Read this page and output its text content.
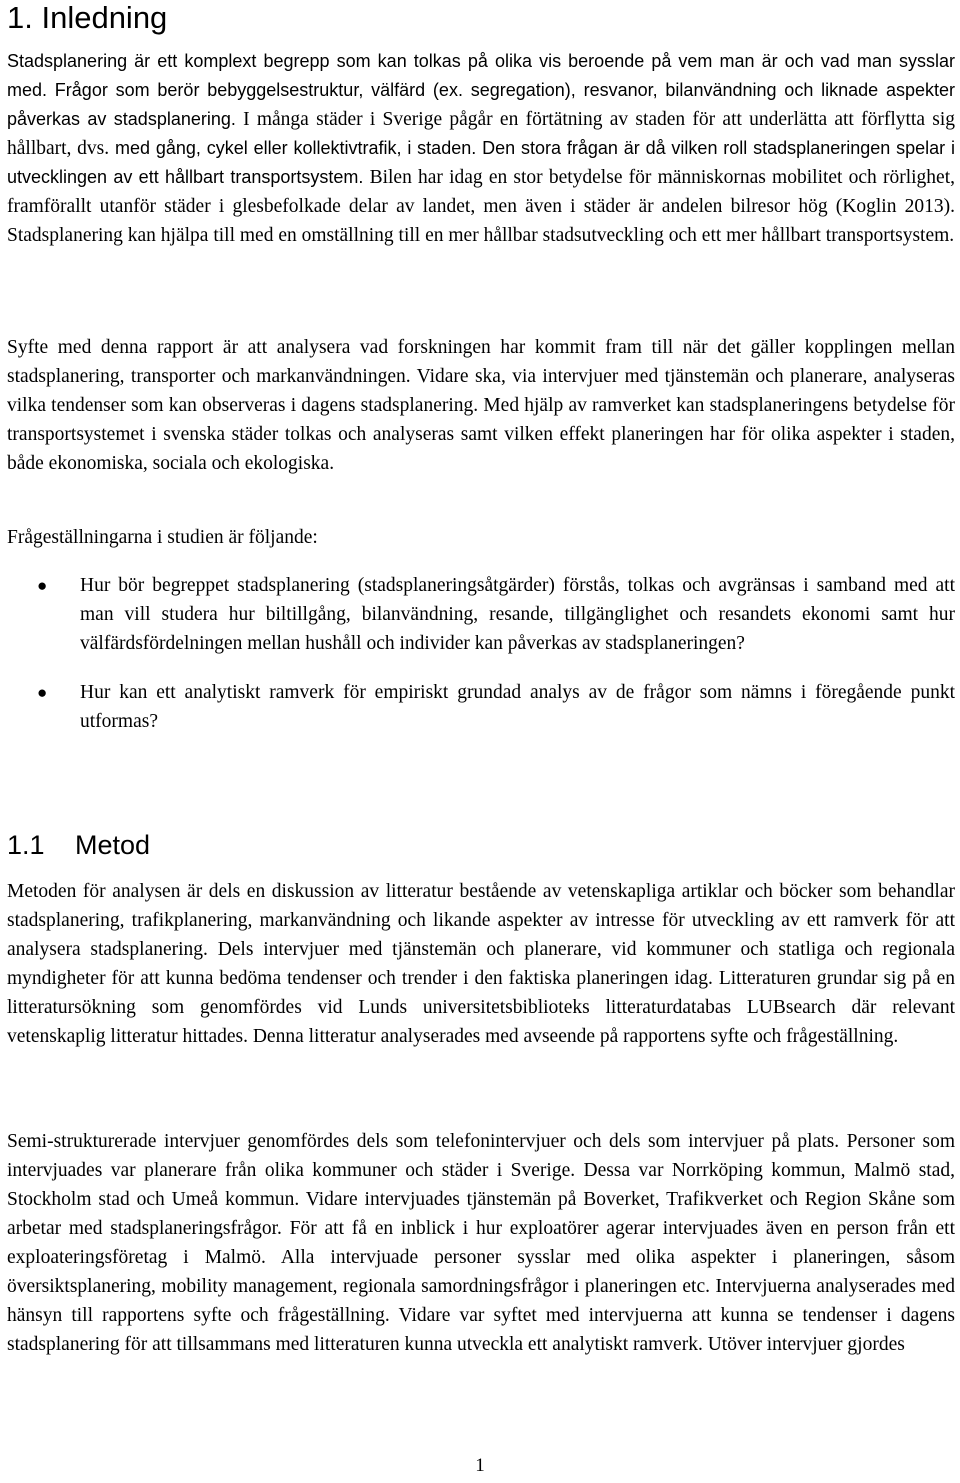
1. Inledning

Stadsplanering är ett komplext begrepp som kan tolkas på olika vis beroende på vem man är och vad man sysslar med. Frågor som berör bebyggelsestruktur, välfärd (ex. segregation), resvanor, bilanvändning och liknade aspekter påverkas av stadsplanering. I många städer i Sverige pågår en förtätning av staden för att underlätta att förflytta sig hållbart, dvs. med gång, cykel eller kollektivtrafik, i staden. Den stora frågan är då vilken roll stadsplaneringen spelar i utvecklingen av ett hållbart transportsystem. Bilen har idag en stor betydelse för människornas mobilitet och rörlighet, framförallt utanför städer i glesbefolkade delar av landet, men även i städer är andelen bilresor hög (Koglin 2013). Stadsplanering kan hjälpa till med en omställning till en mer hållbar stadsutveckling och ett mer hållbart transportsystem.

Syfte med denna rapport är att analysera vad forskningen har kommit fram till när det gäller kopplingen mellan stadsplanering, transporter och markanvändningen. Vidare ska, via intervjuer med tjänstemän och planerare, analyseras vilka tendenser som kan observeras i dagens stadsplanering. Med hjälp av ramverket kan stadsplaneringens betydelse för transportsystemet i svenska städer tolkas och analyseras samt vilken effekt planeringen har för olika aspekter i staden, både ekonomiska, sociala och ekologiska.

Frågeställningarna i studien är följande:

● Hur bör begreppet stadsplanering (stadsplaneringsåtgärder) förstås, tolkas och avgränsas i samband med att man vill studera hur biltillgång, bilanvändning, resande, tillgänglighet och resandets ekonomi samt hur välfärdsfördelningen mellan hushåll och individer kan påverkas av stadsplaneringen?
● Hur kan ett analytiskt ramverk för empiriskt grundad analys av de frågor som nämns i föregående punkt utformas?
1.1 Metod

Metoden för analysen är dels en diskussion av litteratur bestående av vetenskapliga artiklar och böcker som behandlar stadsplanering, trafikplanering, markanvändning och likande aspekter av intresse för utveckling av ett ramverk för att analysera stadsplanering. Dels intervjuer med tjänstemän och planerare, vid kommuner och statliga och regionala myndigheter för att kunna bedöma tendenser och trender i den faktiska planeringen idag. Litteraturen grundar sig på en litteratursökning som genomfördes vid Lunds universitetsbiblioteks litteraturdatabas LUBsearch där relevant vetenskaplig litteratur hittades. Denna litteratur analyserades med avseende på rapportens syfte och frågeställning.

Semi-strukturerade intervjuer genomfördes dels som telefonintervjuer och dels som intervjuer på plats. Personer som intervjuades var planerare från olika kommuner och städer i Sverige. Dessa var Norrköping kommun, Malmö stad, Stockholm stad och Umeå kommun. Vidare intervjuades tjänstemän på Boverket, Trafikverket och Region Skåne som arbetar med stadsplaneringsfrågor. För att få en inblick i hur exploatörer agerar intervjuades även en person från ett exploateringsföretag i Malmö. Alla intervjuade personer sysslar med olika aspekter i planeringen, såsom översiktsplanering, mobility management, regionala samordningsfrågor i planeringen etc. Intervjuerna analyserades med hänsyn till rapportens syfte och frågeställning. Vidare var syftet med intervjuerna att kunna se tendenser i dagens stadsplanering för att tillsammans med litteraturen kunna utveckla ett analytiskt ramverk. Utöver intervjuer gjordes

1
